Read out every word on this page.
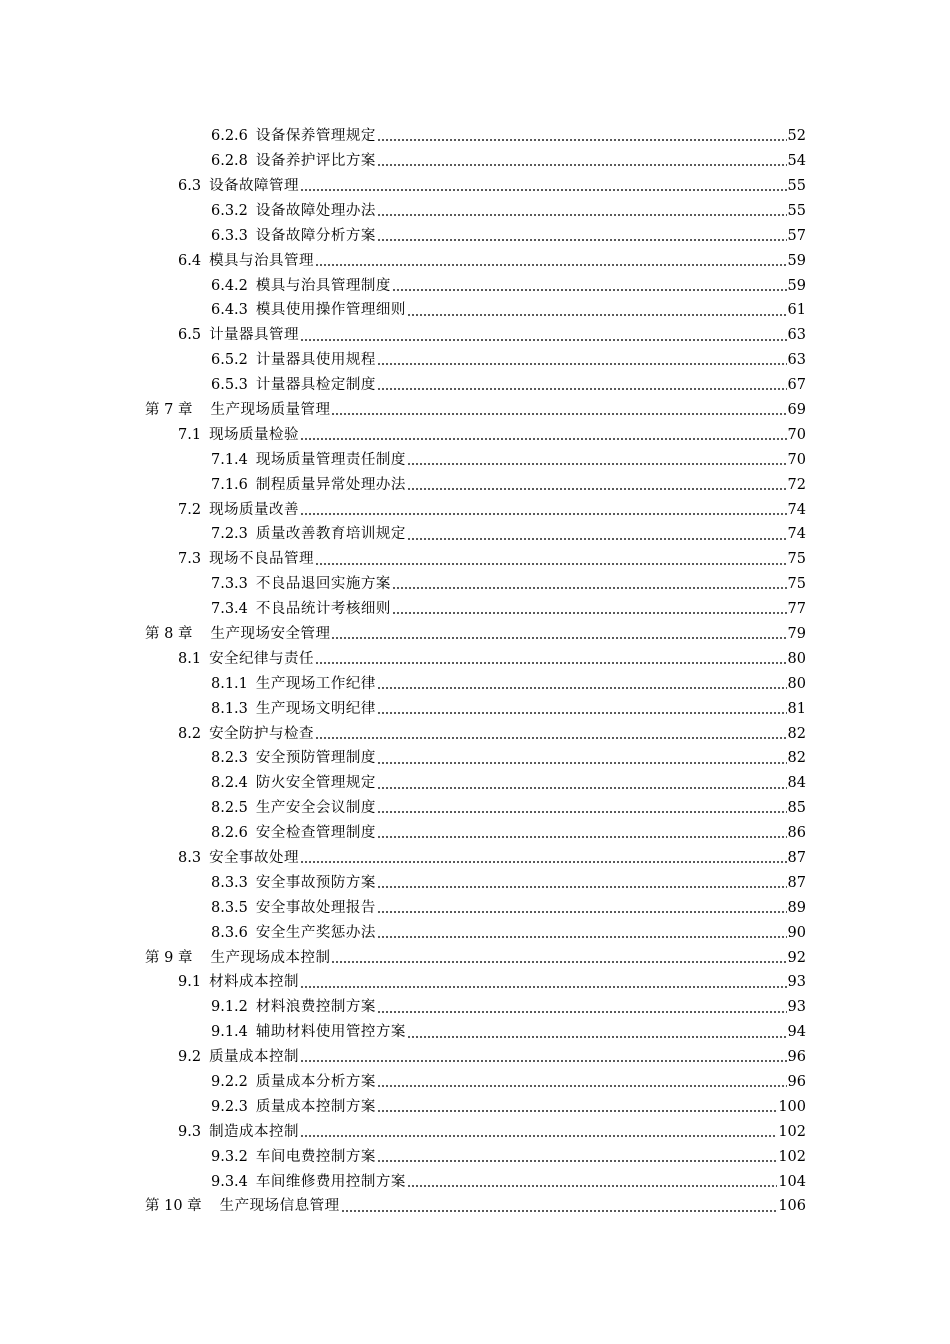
6.2.6 设备保养管理规定	52
6.2.8 设备养护评比方案	54
6.3 设备故障管理	55
6.3.2 设备故障处理办法	55
6.3.3 设备故障分析方案	57
6.4 模具与治具管理	59
6.4.2 模具与治具管理制度	59
6.4.3 模具使用操作管理细则	61
6.5 计量器具管理	63
6.5.2 计量器具使用规程	63
6.5.3 计量器具检定制度	67
第 7 章	生产现场质量管理	69
7.1 现场质量检验	70
7.1.4 现场质量管理责任制度	70
7.1.6 制程质量异常处理办法	72
7.2 现场质量改善	74
7.2.3 质量改善教育培训规定	74
7.3 现场不良品管理	75
7.3.3 不良品退回实施方案	75
7.3.4 不良品统计考核细则	77
第 8 章	生产现场安全管理	79
8.1 安全纪律与责任	80
8.1.1 生产现场工作纪律	80
8.1.3 生产现场文明纪律	81
8.2 安全防护与检查	82
8.2.3 安全预防管理制度	82
8.2.4 防火安全管理规定	84
8.2.5 生产安全会议制度	85
8.2.6 安全检查管理制度	86
8.3 安全事故处理	87
8.3.3 安全事故预防方案	87
8.3.5 安全事故处理报告	89
8.3.6 安全生产奖惩办法	90
第 9 章	生产现场成本控制	92
9.1 材料成本控制	93
9.1.2 材料浪费控制方案	93
9.1.4 辅助材料使用管控方案	94
9.2 质量成本控制	96
9.2.2 质量成本分析方案	96
9.2.3 质量成本控制方案	100
9.3 制造成本控制	102
9.3.2 车间电费控制方案	102
9.3.4 车间维修费用控制方案	104
第 10 章	生产现场信息管理	106
